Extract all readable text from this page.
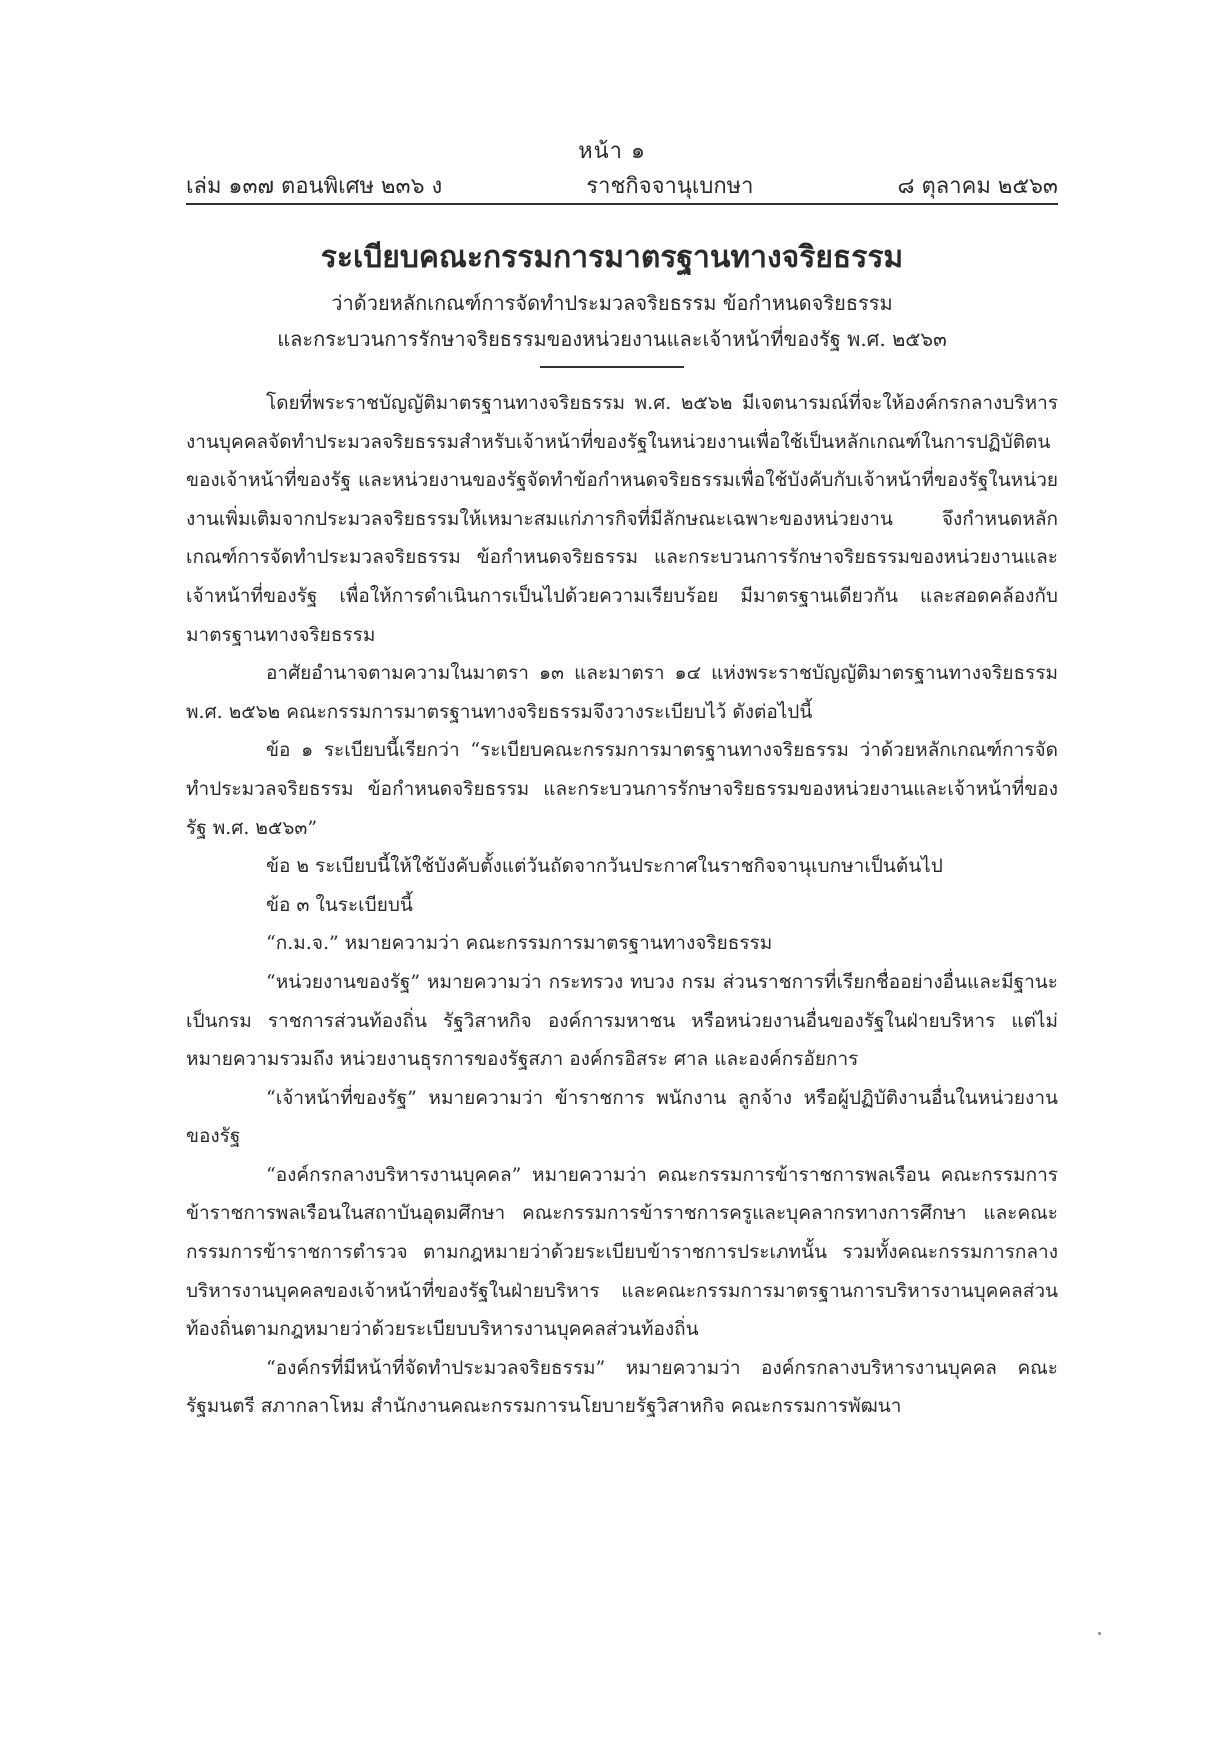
หน้า ๑
เล่ม ๑๓๗ ตอนพิเศษ ๒๓๖ ง	ราชกิจจานุเบกษา	๘ ตุลาคม ๒๕๖๓
ระเบียบคณะกรรมการมาตรฐานทางจริยธรรม
ว่าด้วยหลักเกณฑ์การจัดทำประมวลจริยธรรม ข้อกำหนดจริยธรรม
และกระบวนการรักษาจริยธรรมของหน่วยงานและเจ้าหน้าที่ของรัฐ พ.ศ. ๒๕๖๓

โดยที่พระราชบัญญัติมาตรฐานทางจริยธรรม พ.ศ. ๒๕๖๒ มีเจตนารมณ์ที่จะให้องค์กรกลางบริหารงานบุคคลจัดทำประมวลจริยธรรมสำหรับเจ้าหน้าที่ของรัฐในหน่วยงานเพื่อใช้เป็นหลักเกณฑ์ในการปฏิบัติตนของเจ้าหน้าที่ของรัฐ และหน่วยงานของรัฐจัดทำข้อกำหนดจริยธรรมเพื่อใช้บังคับกับเจ้าหน้าที่ของรัฐในหน่วยงานเพิ่มเติมจากประมวลจริยธรรมให้เหมาะสมแก่ภารกิจที่มีลักษณะเฉพาะของหน่วยงาน จึงกำหนดหลักเกณฑ์การจัดทำประมวลจริยธรรม ข้อกำหนดจริยธรรม และกระบวนการรักษาจริยธรรมของหน่วยงานและเจ้าหน้าที่ของรัฐ เพื่อให้การดำเนินการเป็นไปด้วยความเรียบร้อย มีมาตรฐานเดียวกัน และสอดคล้องกับมาตรฐานทางจริยธรรม

อาศัยอำนาจตามความในมาตรา ๑๓ และมาตรา ๑๔ แห่งพระราชบัญญัติมาตรฐานทางจริยธรรม พ.ศ. ๒๕๖๒ คณะกรรมการมาตรฐานทางจริยธรรมจึงวางระเบียบไว้ ดังต่อไปนี้

ข้อ ๑ ระเบียบนี้เรียกว่า “ระเบียบคณะกรรมการมาตรฐานทางจริยธรรม ว่าด้วยหลักเกณฑ์การจัดทำประมวลจริยธรรม ข้อกำหนดจริยธรรม และกระบวนการรักษาจริยธรรมของหน่วยงานและเจ้าหน้าที่ของรัฐ พ.ศ. ๒๕๖๓”

ข้อ ๒ ระเบียบนี้ให้ใช้บังคับตั้งแต่วันถัดจากวันประกาศในราชกิจจานุเบกษาเป็นต้นไป

ข้อ ๓ ในระเบียบนี้

“ก.ม.จ.” หมายความว่า คณะกรรมการมาตรฐานทางจริยธรรม

“หน่วยงานของรัฐ” หมายความว่า กระทรวง ทบวง กรม ส่วนราชการที่เรียกชื่ออย่างอื่นและมีฐานะเป็นกรม ราชการส่วนท้องถิ่น รัฐวิสาหกิจ องค์การมหาชน หรือหน่วยงานอื่นของรัฐในฝ่ายบริหาร แต่ไม่หมายความรวมถึง หน่วยงานธุรการของรัฐสภา องค์กรอิสระ ศาล และองค์กรอัยการ

“เจ้าหน้าที่ของรัฐ” หมายความว่า ข้าราชการ พนักงาน ลูกจ้าง หรือผู้ปฏิบัติงานอื่นในหน่วยงานของรัฐ

“องค์กรกลางบริหารงานบุคคล” หมายความว่า คณะกรรมการข้าราชการพลเรือน คณะกรรมการข้าราชการพลเรือนในสถาบันอุดมศึกษา คณะกรรมการข้าราชการครูและบุคลากรทางการศึกษา และคณะกรรมการข้าราชการตำรวจ ตามกฎหมายว่าด้วยระเบียบข้าราชการประเภทนั้น รวมทั้งคณะกรรมการกลางบริหารงานบุคคลของเจ้าหน้าที่ของรัฐในฝ่ายบริหาร และคณะกรรมการมาตรฐานการบริหารงานบุคคลส่วนท้องถิ่นตามกฎหมายว่าด้วยระเบียบบริหารงานบุคคลส่วนท้องถิ่น

“องค์กรที่มีหน้าที่จัดทำประมวลจริยธรรม” หมายความว่า องค์กรกลางบริหารงานบุคคล คณะรัฐมนตรี สภากลาโหม สำนักงานคณะกรรมการนโยบายรัฐวิสาหกิจ คณะกรรมการพัฒนา
